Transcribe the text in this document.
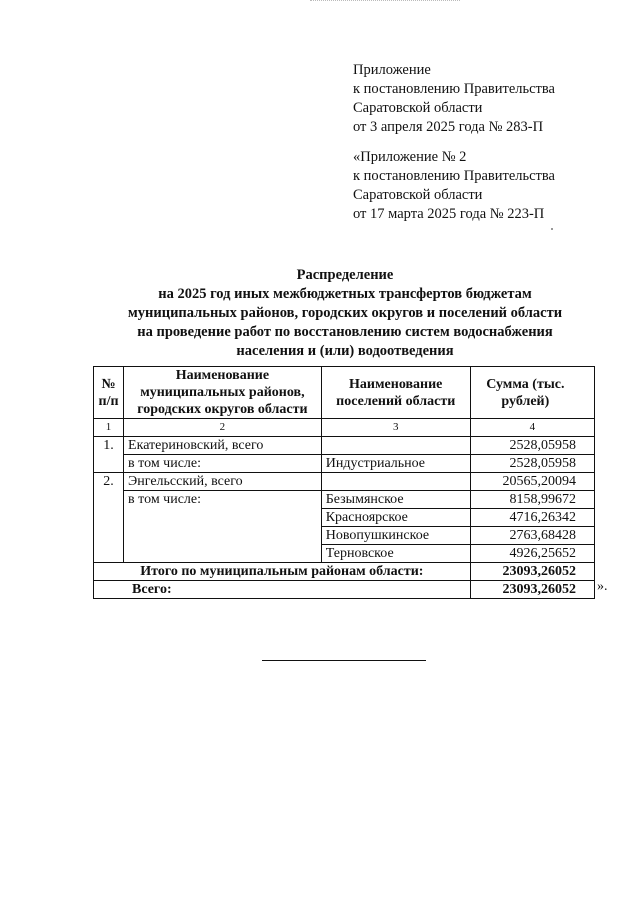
Приложение
к постановлению Правительства
Саратовской области
от 3 апреля 2025 года № 283-П
«Приложение № 2
к постановлению Правительства
Саратовской области
от 17 марта 2025 года № 223-П
Распределение
на 2025 год иных межбюджетных трансфертов бюджетам
муниципальных районов, городских округов и поселений области
на проведение работ по восстановлению систем водоснабжения
населения и (или) водоотведения
№ п/п	Наименование муниципальных районов, городских округов области	Наименование поселений области	Сумма (тыс. рублей)
1	2	3	4
1.	Екатериновский, всего		2528,05958
	в том числе:	Индустриальное	2528,05958
2.	Энгельсский, всего		20565,20094
	в том числе:	Безымянское	8158,99672
		Красноярское	4716,26342
		Новопушкинское	2763,68428
		Терновское	4926,25652
Итого по муниципальным районам области:			23093,26052
Всего:			23093,26052 ».
